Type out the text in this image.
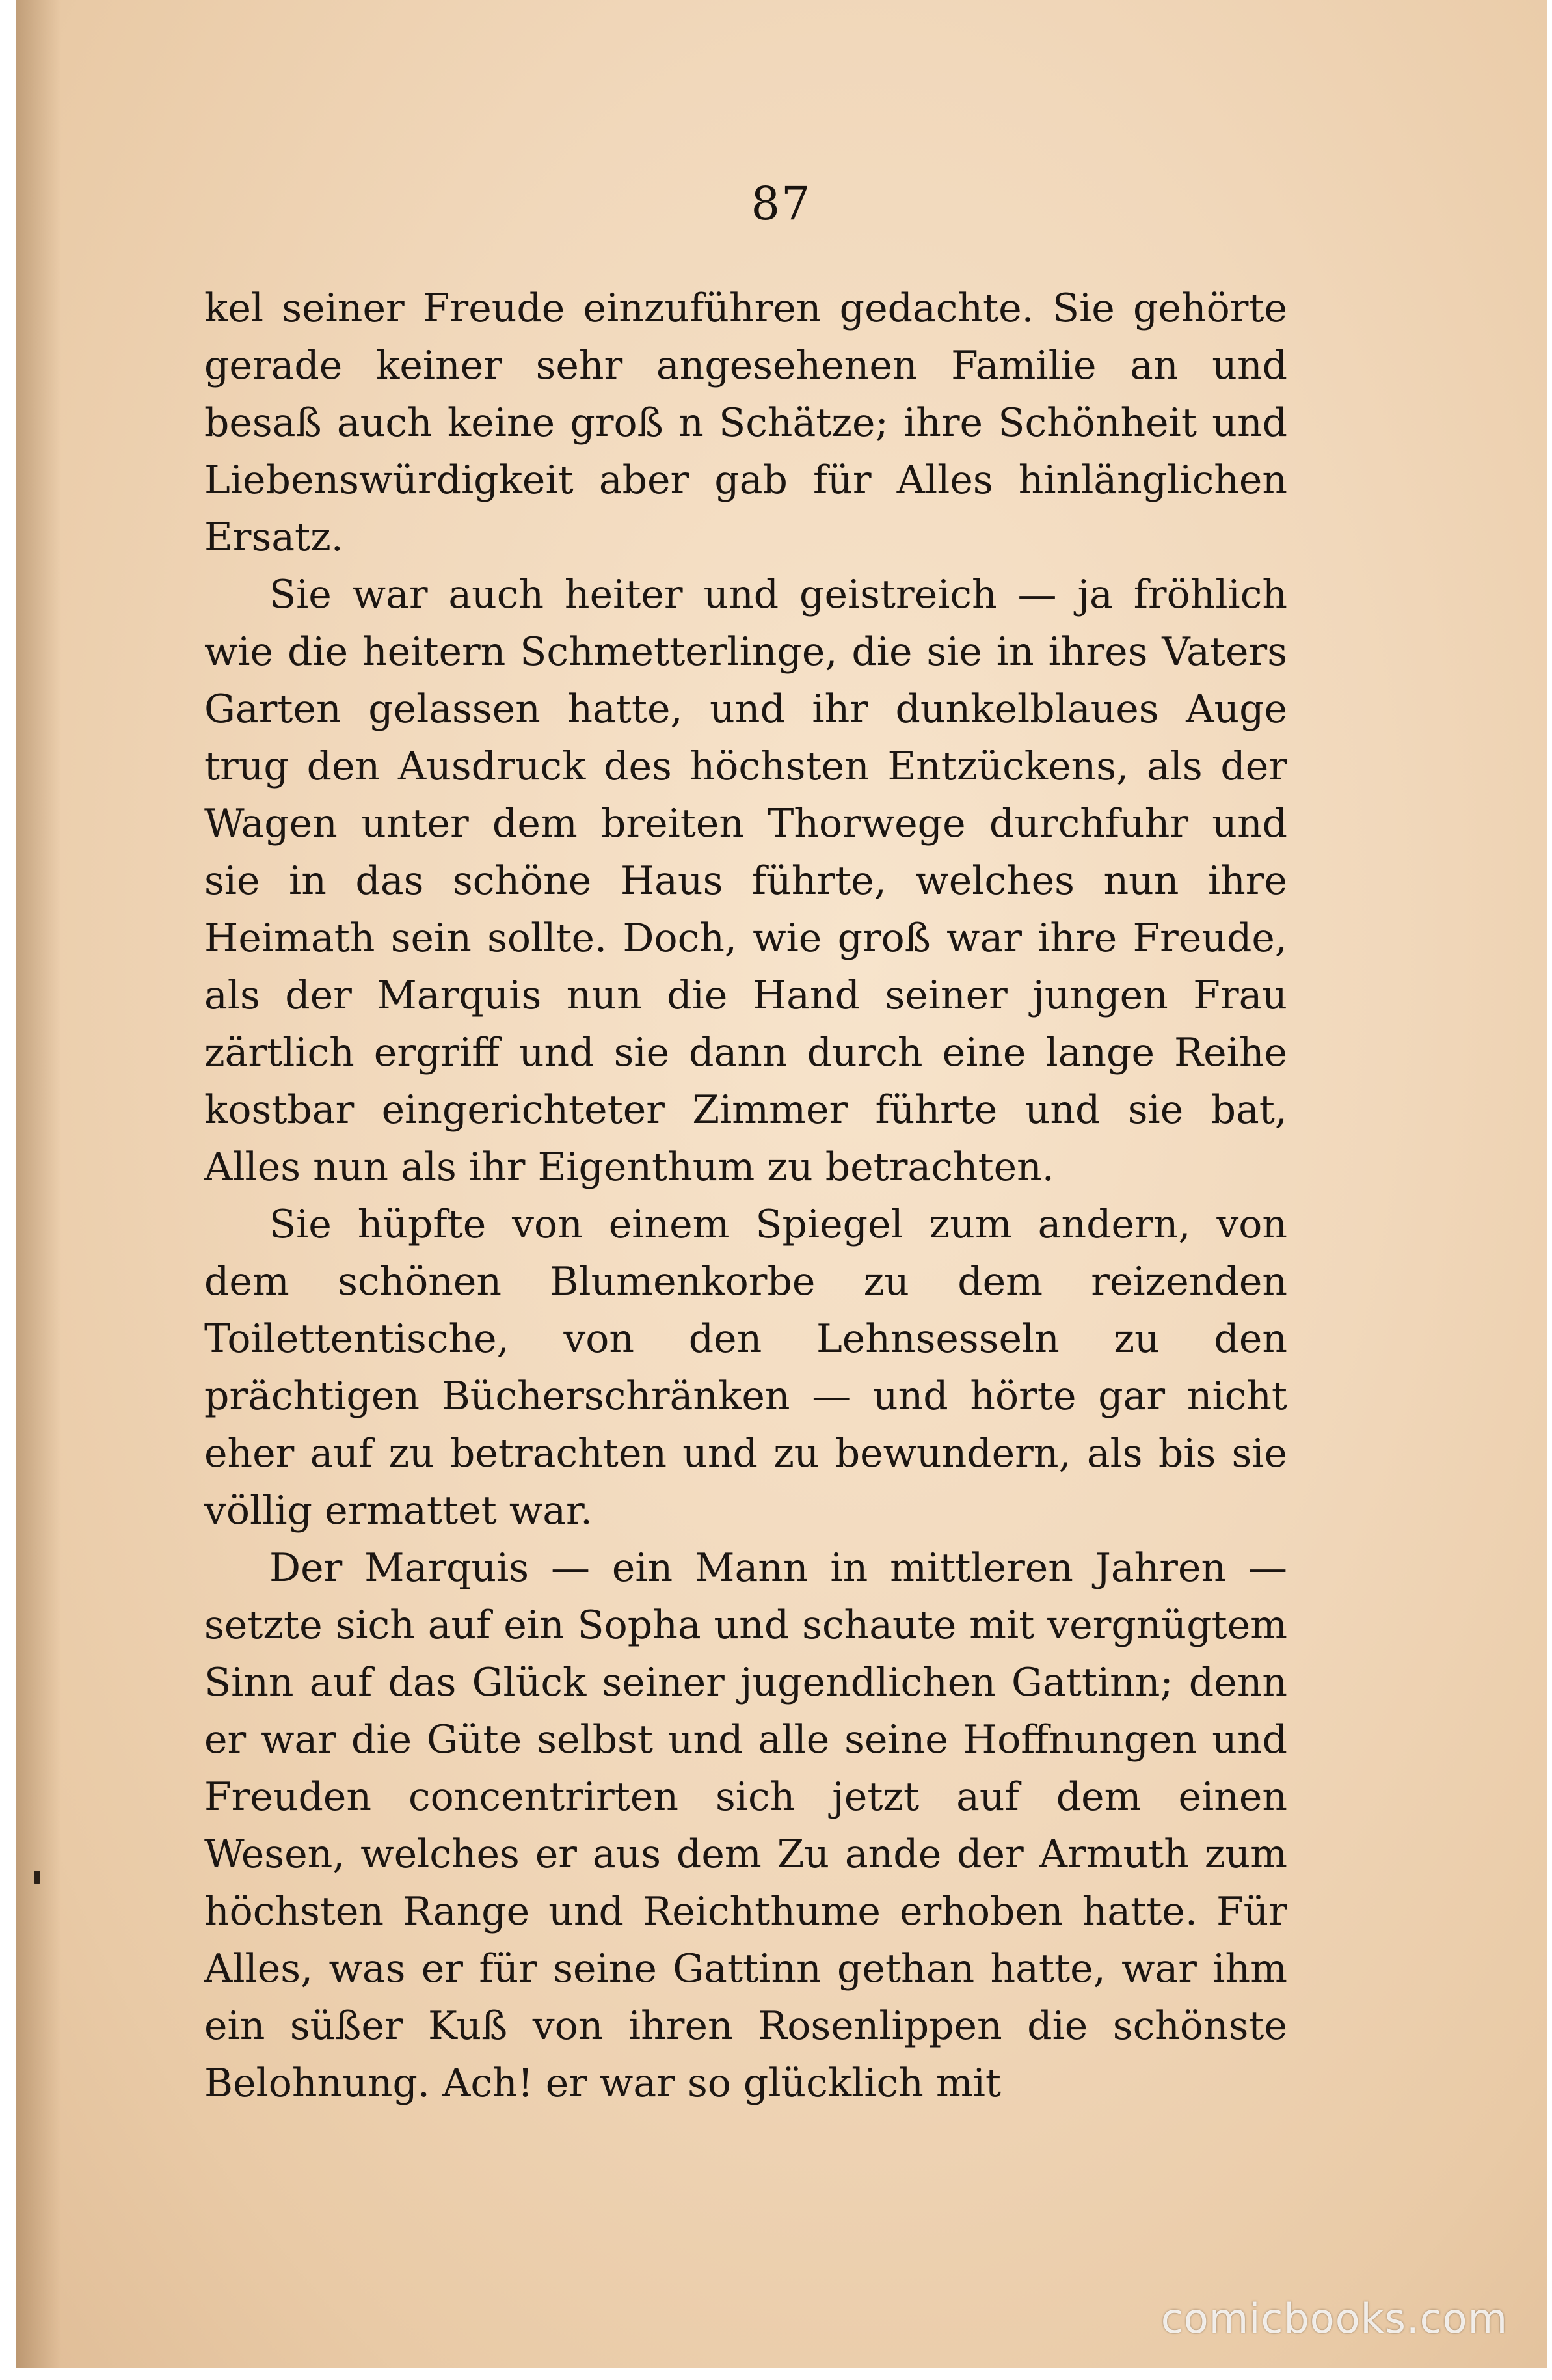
87

kel seiner Freude einzuführen gedachte. Sie gehörte gerade keiner sehr angesehenen Familie an und besaß auch keine groß n Schätze; ihre Schönheit und Liebenswürdigkeit aber gab für Alles hinlänglichen Ersatz.

Sie war auch heiter und geistreich — ja fröhlich wie die heitern Schmetterlinge, die sie in ihres Vaters Garten gelassen hatte, und ihr dunkelblaues Auge trug den Ausdruck des höchsten Entzückens, als der Wagen unter dem breiten Thorwege durchfuhr und sie in das schöne Haus führte, welches nun ihre Heimath sein sollte. Doch, wie groß war ihre Freude, als der Marquis nun die Hand seiner jungen Frau zärtlich ergriff und sie dann durch eine lange Reihe kostbar eingerichteter Zimmer führte und sie bat, Alles nun als ihr Eigenthum zu betrachten.

Sie hüpfte von einem Spiegel zum andern, von dem schönen Blumenkorbe zu dem reizenden Toilettentische, von den Lehnsesseln zu den prächtigen Bücherschränken — und hörte gar nicht eher auf zu betrachten und zu bewundern, als bis sie völlig ermattet war.

Der Marquis — ein Mann in mittleren Jahren — setzte sich auf ein Sopha und schaute mit vergnügtem Sinn auf das Glück seiner jugendlichen Gattinn; denn er war die Güte selbst und alle seine Hoffnungen und Freuden concentrirten sich jetzt auf dem einen Wesen, welches er aus dem Zu ande der Armuth zum höchsten Range und Reichthume erhoben hatte. Für Alles, was er für seine Gattinn gethan hatte, war ihm ein süßer Kuß von ihren Rosenlippen die schönste Belohnung. Ach! er war so glücklich mit

comicbooks.com
